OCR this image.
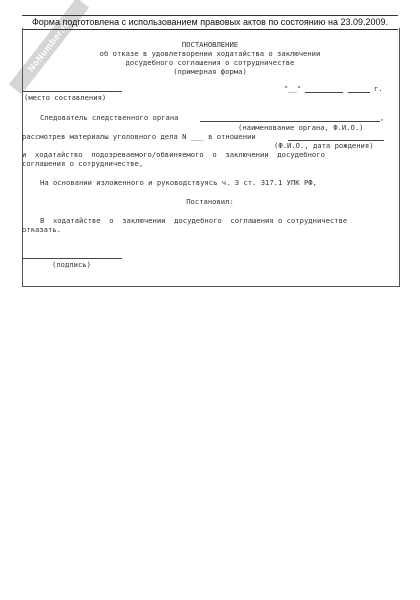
NoNumber.ru
Форма подготовлена с использованием правовых актов по состоянию на 23.09.2009.
ПОСТАНОВЛЕНИЕ
об отказе в удовлетворении ходатайства о заключении
досудебного соглашения о сотрудничестве
(примерная форма)
(место составления)
"__"	г.
Следователь следственного органа	,
(наименование органа, Ф.И.О.)
рассмотрев материалы уголовного дела N ___ в отношении
(Ф.И.О., дата рождения)
и  ходатайство  подозреваемого/обвиняемого  о  заключении  досудебного
соглашения о сотрудничестве,
На основании изложенного и руководствуясь ч. 3 ст. 317.1 УПК РФ,
Постановил:
В  ходатайстве  о  заключении  досудебного  соглашения о сотрудничестве
отказать.
(подпись)
